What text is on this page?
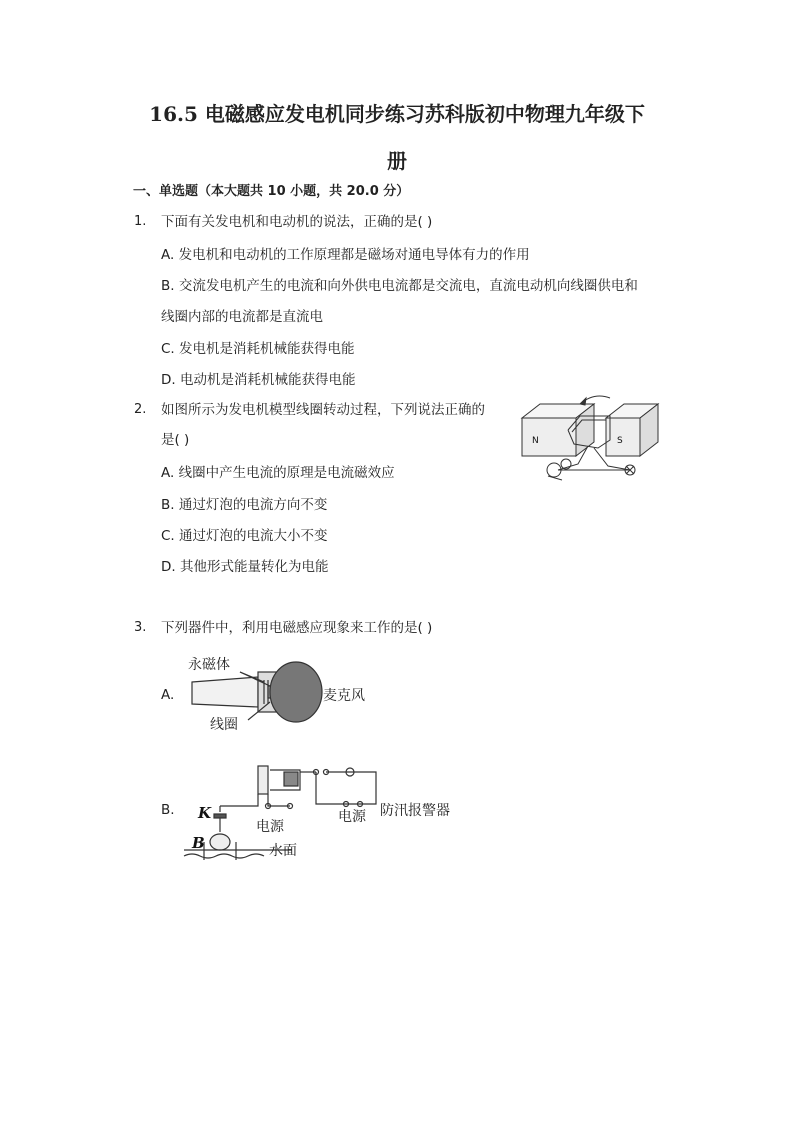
16.5 电磁感应发电机同步练习苏科版初中物理九年级下
册
一、单选题（本大题共 10 小题，共 20.0 分）
1. 下面有关发电机和电动机的说法，正确的是( )
A. 发电机和电动机的工作原理都是磁场对通电导体有力的作用
B. 交流发电机产生的电流和向外供电电流都是交流电，直流电动机向线圈供电和
线圈内部的电流都是直流电
C. 发电机是消耗机械能获得电能
D. 电动机是消耗机械能获得电能
2. 如图所示为发电机模型线圈转动过程，下列说法正确的
是( )
A. 线圈中产生电流的原理是电流磁效应
B. 通过灯泡的电流方向不变
C. 通过灯泡的电流大小不变
D. 其他形式能量转化为电能
N	S
3. 下列器件中，利用电磁感应现象来工作的是( )
A.
永磁体
线圈
麦克风
B. K
B
电源
电源
水面
防汛报警器
